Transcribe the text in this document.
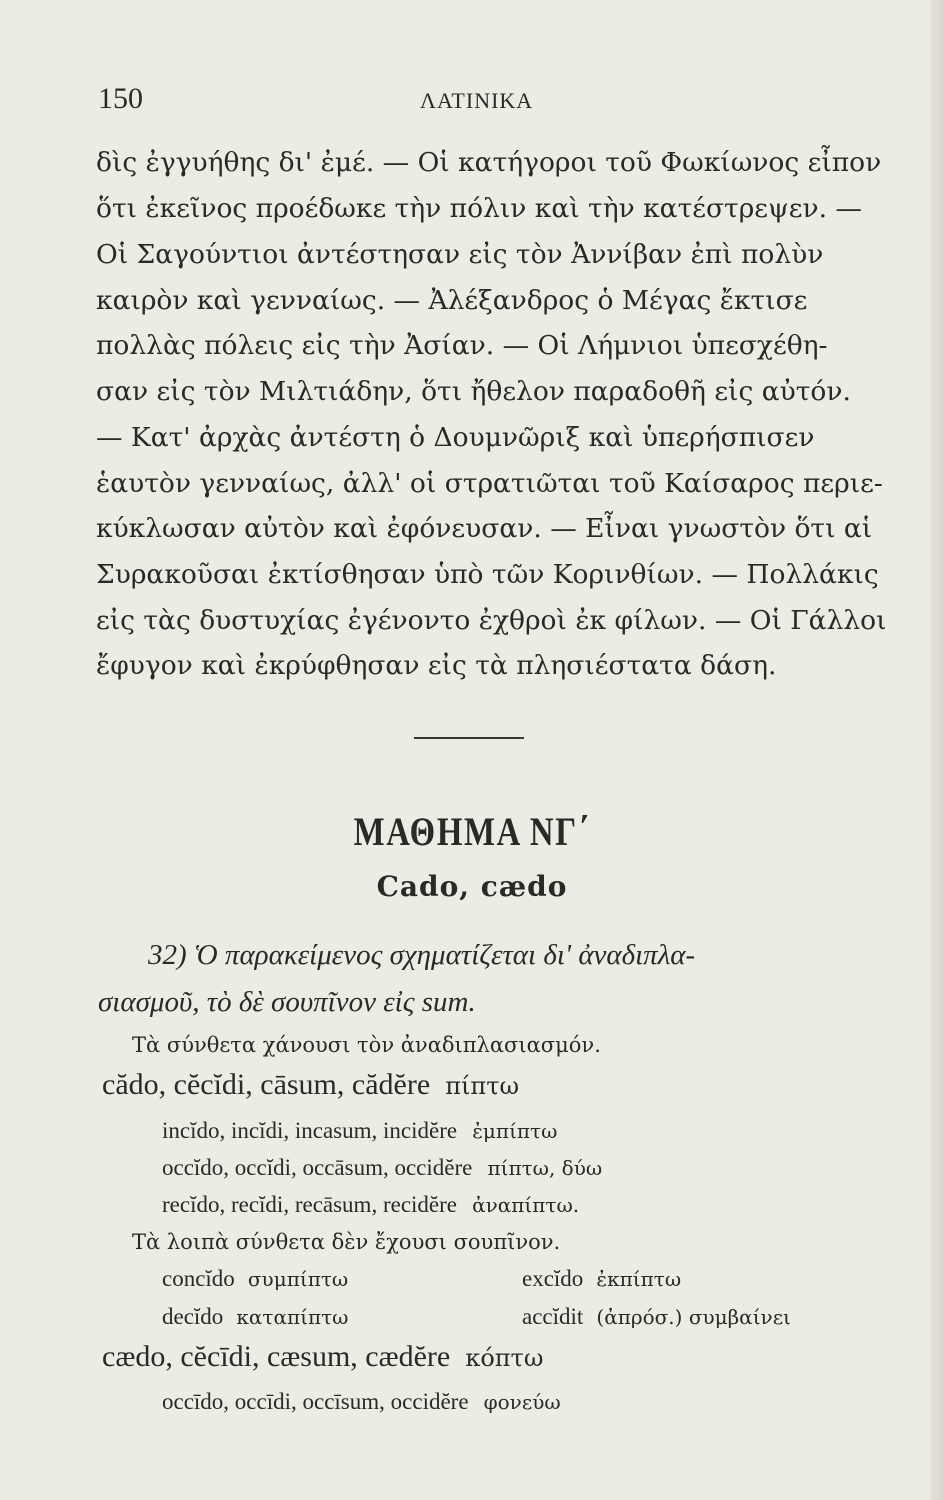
150	ΛΑΤΙΝΙΚΑ
δὶς ἐγγυήθης δι' ἐμέ. — Οἱ κατήγοροι τοῦ Φωκίωνος εἶπον
ὅτι ἐκεῖνος προέδωκε τὴν πόλιν καὶ τὴν κατέστρεψεν. —
Οἱ Σαγούντιοι ἀντέστησαν εἰς τὸν Ἀννίβαν ἐπὶ πολὺν
καιρὸν καὶ γενναίως. — Ἀλέξανδρος ὁ Μέγας ἔκτισε
πολλὰς πόλεις εἰς τὴν Ἀσίαν. — Οἱ Λήμνιοι ὑπεσχέθη-
σαν εἰς τὸν Μιλτιάδην, ὅτι ἤθελον παραδοθῆ εἰς αὐτόν.
— Κατ' ἀρχὰς ἀντέστη ὁ Δουμνῶριξ καὶ ὑπερήσπισεν
ἑαυτὸν γενναίως, ἀλλ' οἱ στρατιῶται τοῦ Καίσαρος περιε-
κύκλωσαν αὐτὸν καὶ ἐφόνευσαν. — Εἶναι γνωστὸν ὅτι αἱ
Συρακοῦσαι ἐκτίσθησαν ὑπὸ τῶν Κορινθίων. — Πολλάκις
εἰς τὰς δυστυχίας ἐγένοντο ἐχθροὶ ἐκ φίλων. — Οἱ Γάλλοι
ἔφυγον καὶ ἐκρύφθησαν εἰς τὰ πλησιέστατα δάση.
ΜΑΘΗΜΑ ΝΓ΄
Cado, cædo
32) Ὁ παρακείμενος σχηματίζεται δι' ἀναδιπλα-
σιασμοῦ, τὸ δὲ σουπῖνον εἰς sum.
Τὰ σύνθετα χάνουσι τὸν ἀναδιπλασιασμόν.
cădo, cĕcĭdi, cāsum, cădĕre πίπτω
incĭdo, incĭdi, incasum, incidĕre ἐμπίπτω
occĭdo, occĭdi, occāsum, occidĕre πίπτω, δύω
recĭdo, recĭdi, recāsum, recidĕre ἀναπίπτω.
Τὰ λοιπὰ σύνθετα δὲν ἔχουσι σουπῖνον.
concĭdo συμπίπτω	excĭdo ἐκπίπτω
decĭdo καταπίπτω	accĭdit (ἀπρόσ.) συμβαίνει
cædo, cĕcīdi, cæsum, cædĕre κόπτω
occīdo, occīdi, occīsum, occidĕre φονεύω
